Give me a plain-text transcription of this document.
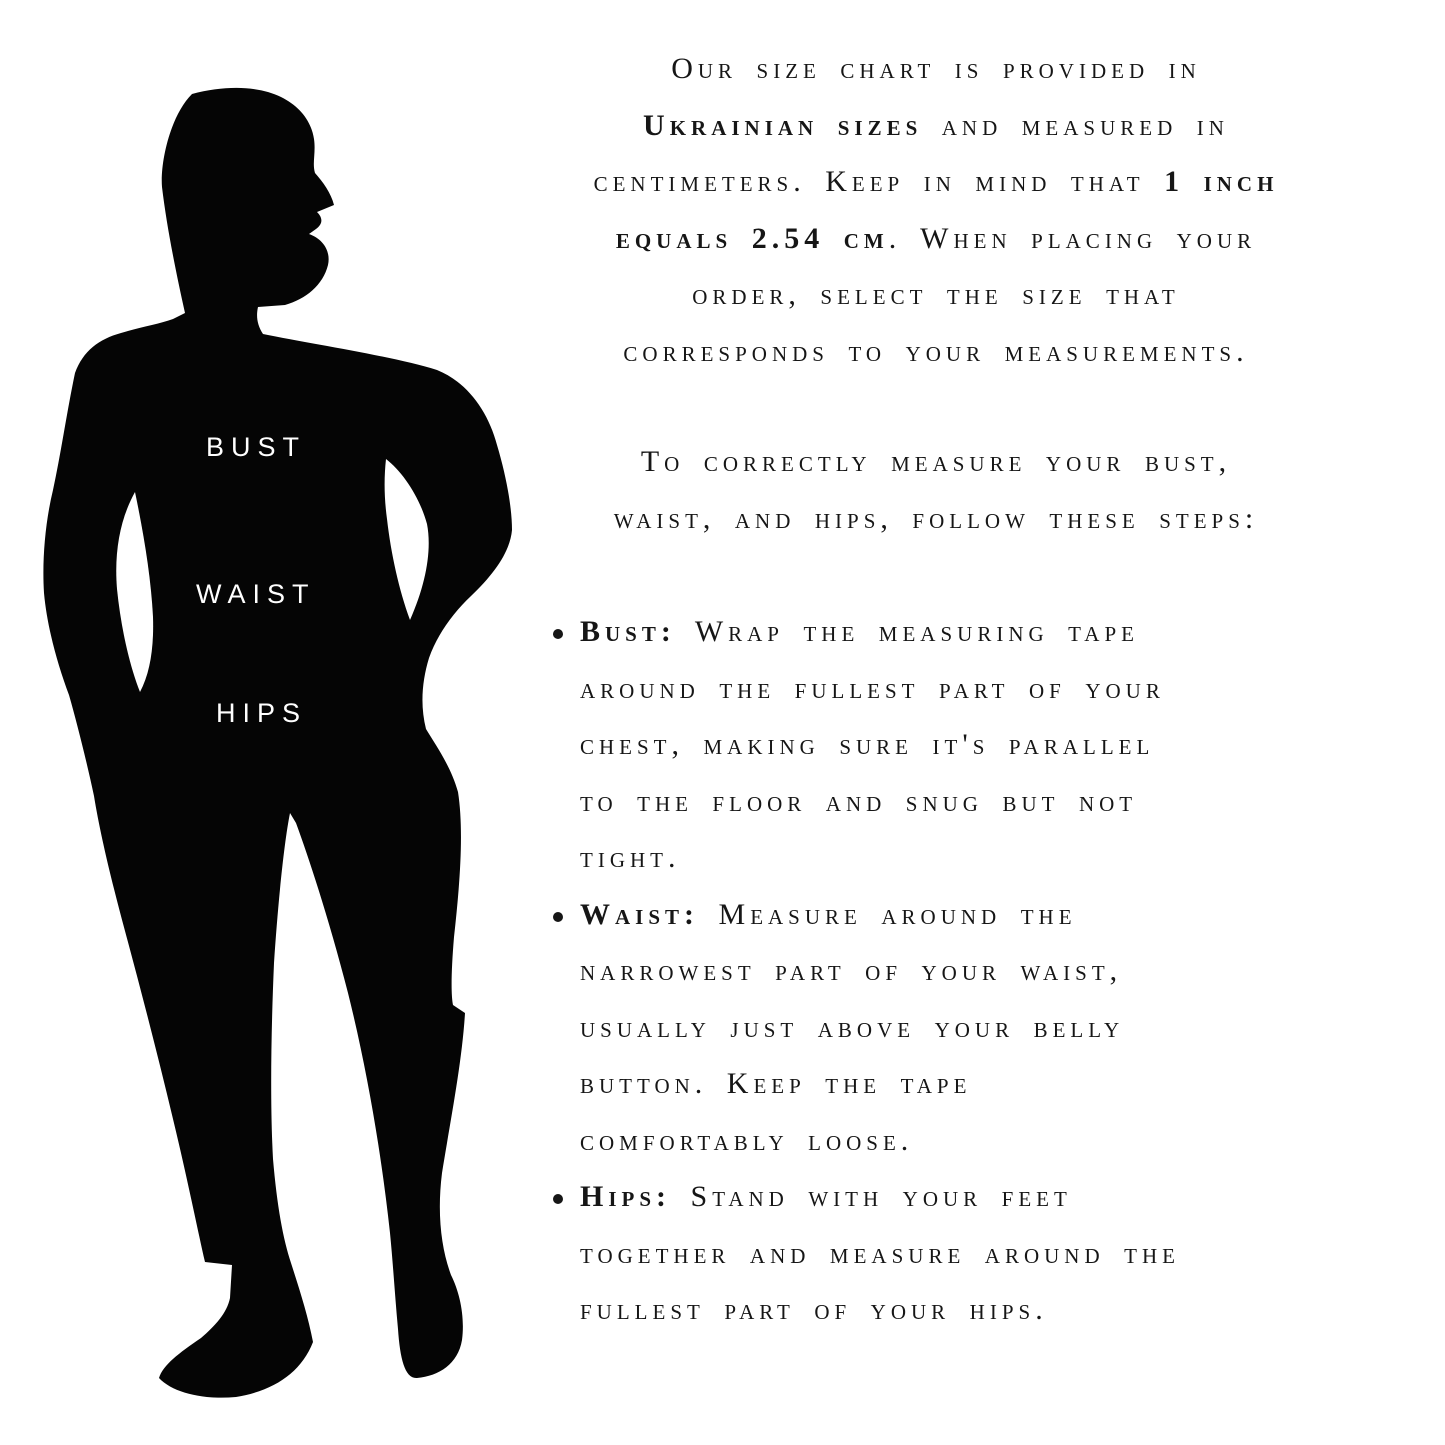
BUST
WAIST
HIPS
Our size chart is provided in
Ukrainian sizes and measured in
centimeters. Keep in mind that 1 inch
equals 2.54 cm. When placing your
order, select the size that
corresponds to your measurements.
To correctly measure your bust,
waist, and hips, follow these steps:
Bust: Wrap the measuring tape
around the fullest part of your
chest, making sure it's parallel
to the floor and snug but not
tight.
Waist: Measure around the
narrowest part of your waist,
usually just above your belly
button. Keep the tape
comfortably loose.
Hips: Stand with your feet
together and measure around the
fullest part of your hips.
